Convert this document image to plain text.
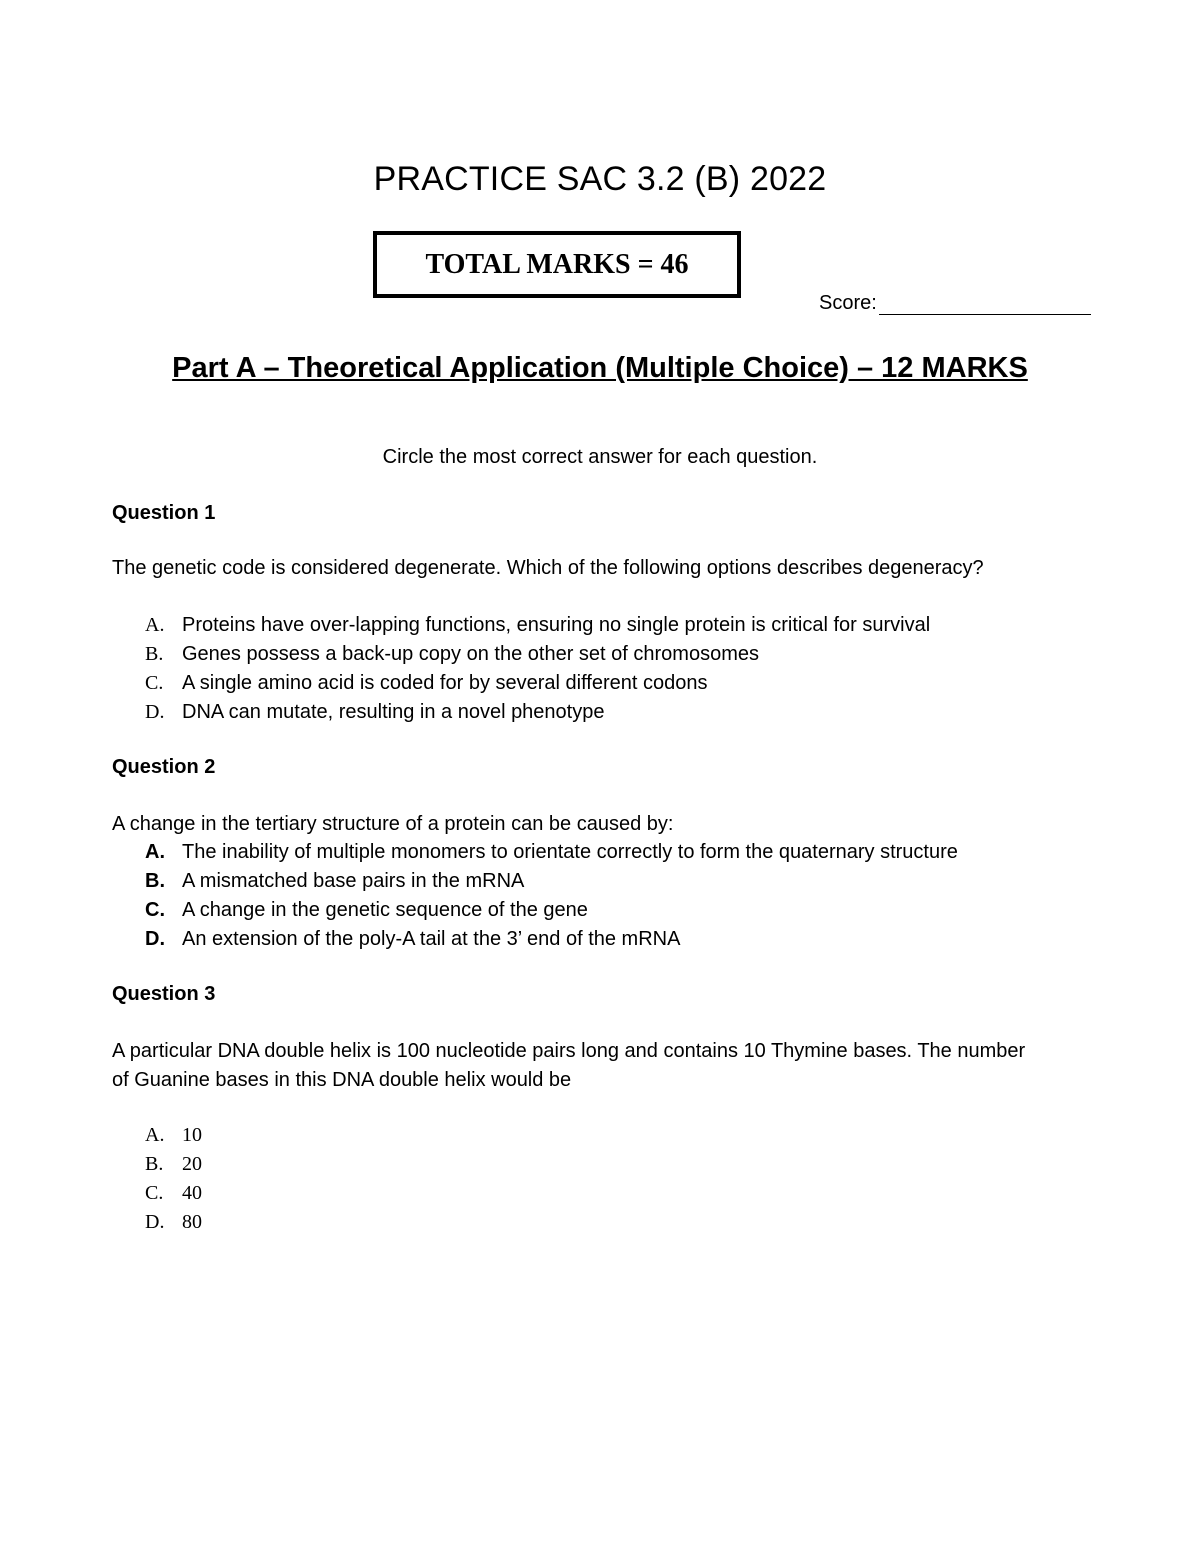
PRACTICE SAC 3.2 (B) 2022
TOTAL MARKS = 46
Score:
Part A – Theoretical Application (Multiple Choice) – 12 MARKS
Circle the most correct answer for each question.
Question 1
The genetic code is considered degenerate. Which of the following options describes degeneracy?
A. Proteins have over-lapping functions, ensuring no single protein is critical for survival
B. Genes possess a back-up copy on the other set of chromosomes
C. A single amino acid is coded for by several different codons
D. DNA can mutate, resulting in a novel phenotype
Question 2
A change in the tertiary structure of a protein can be caused by:
A. The inability of multiple monomers to orientate correctly to form the quaternary structure
B. A mismatched base pairs in the mRNA
C. A change in the genetic sequence of the gene
D. An extension of the poly-A tail at the 3’ end of the mRNA
Question 3
A particular DNA double helix is 100 nucleotide pairs long and contains 10 Thymine bases. The number of Guanine bases in this DNA double helix would be
A. 10
B. 20
C. 40
D. 80
